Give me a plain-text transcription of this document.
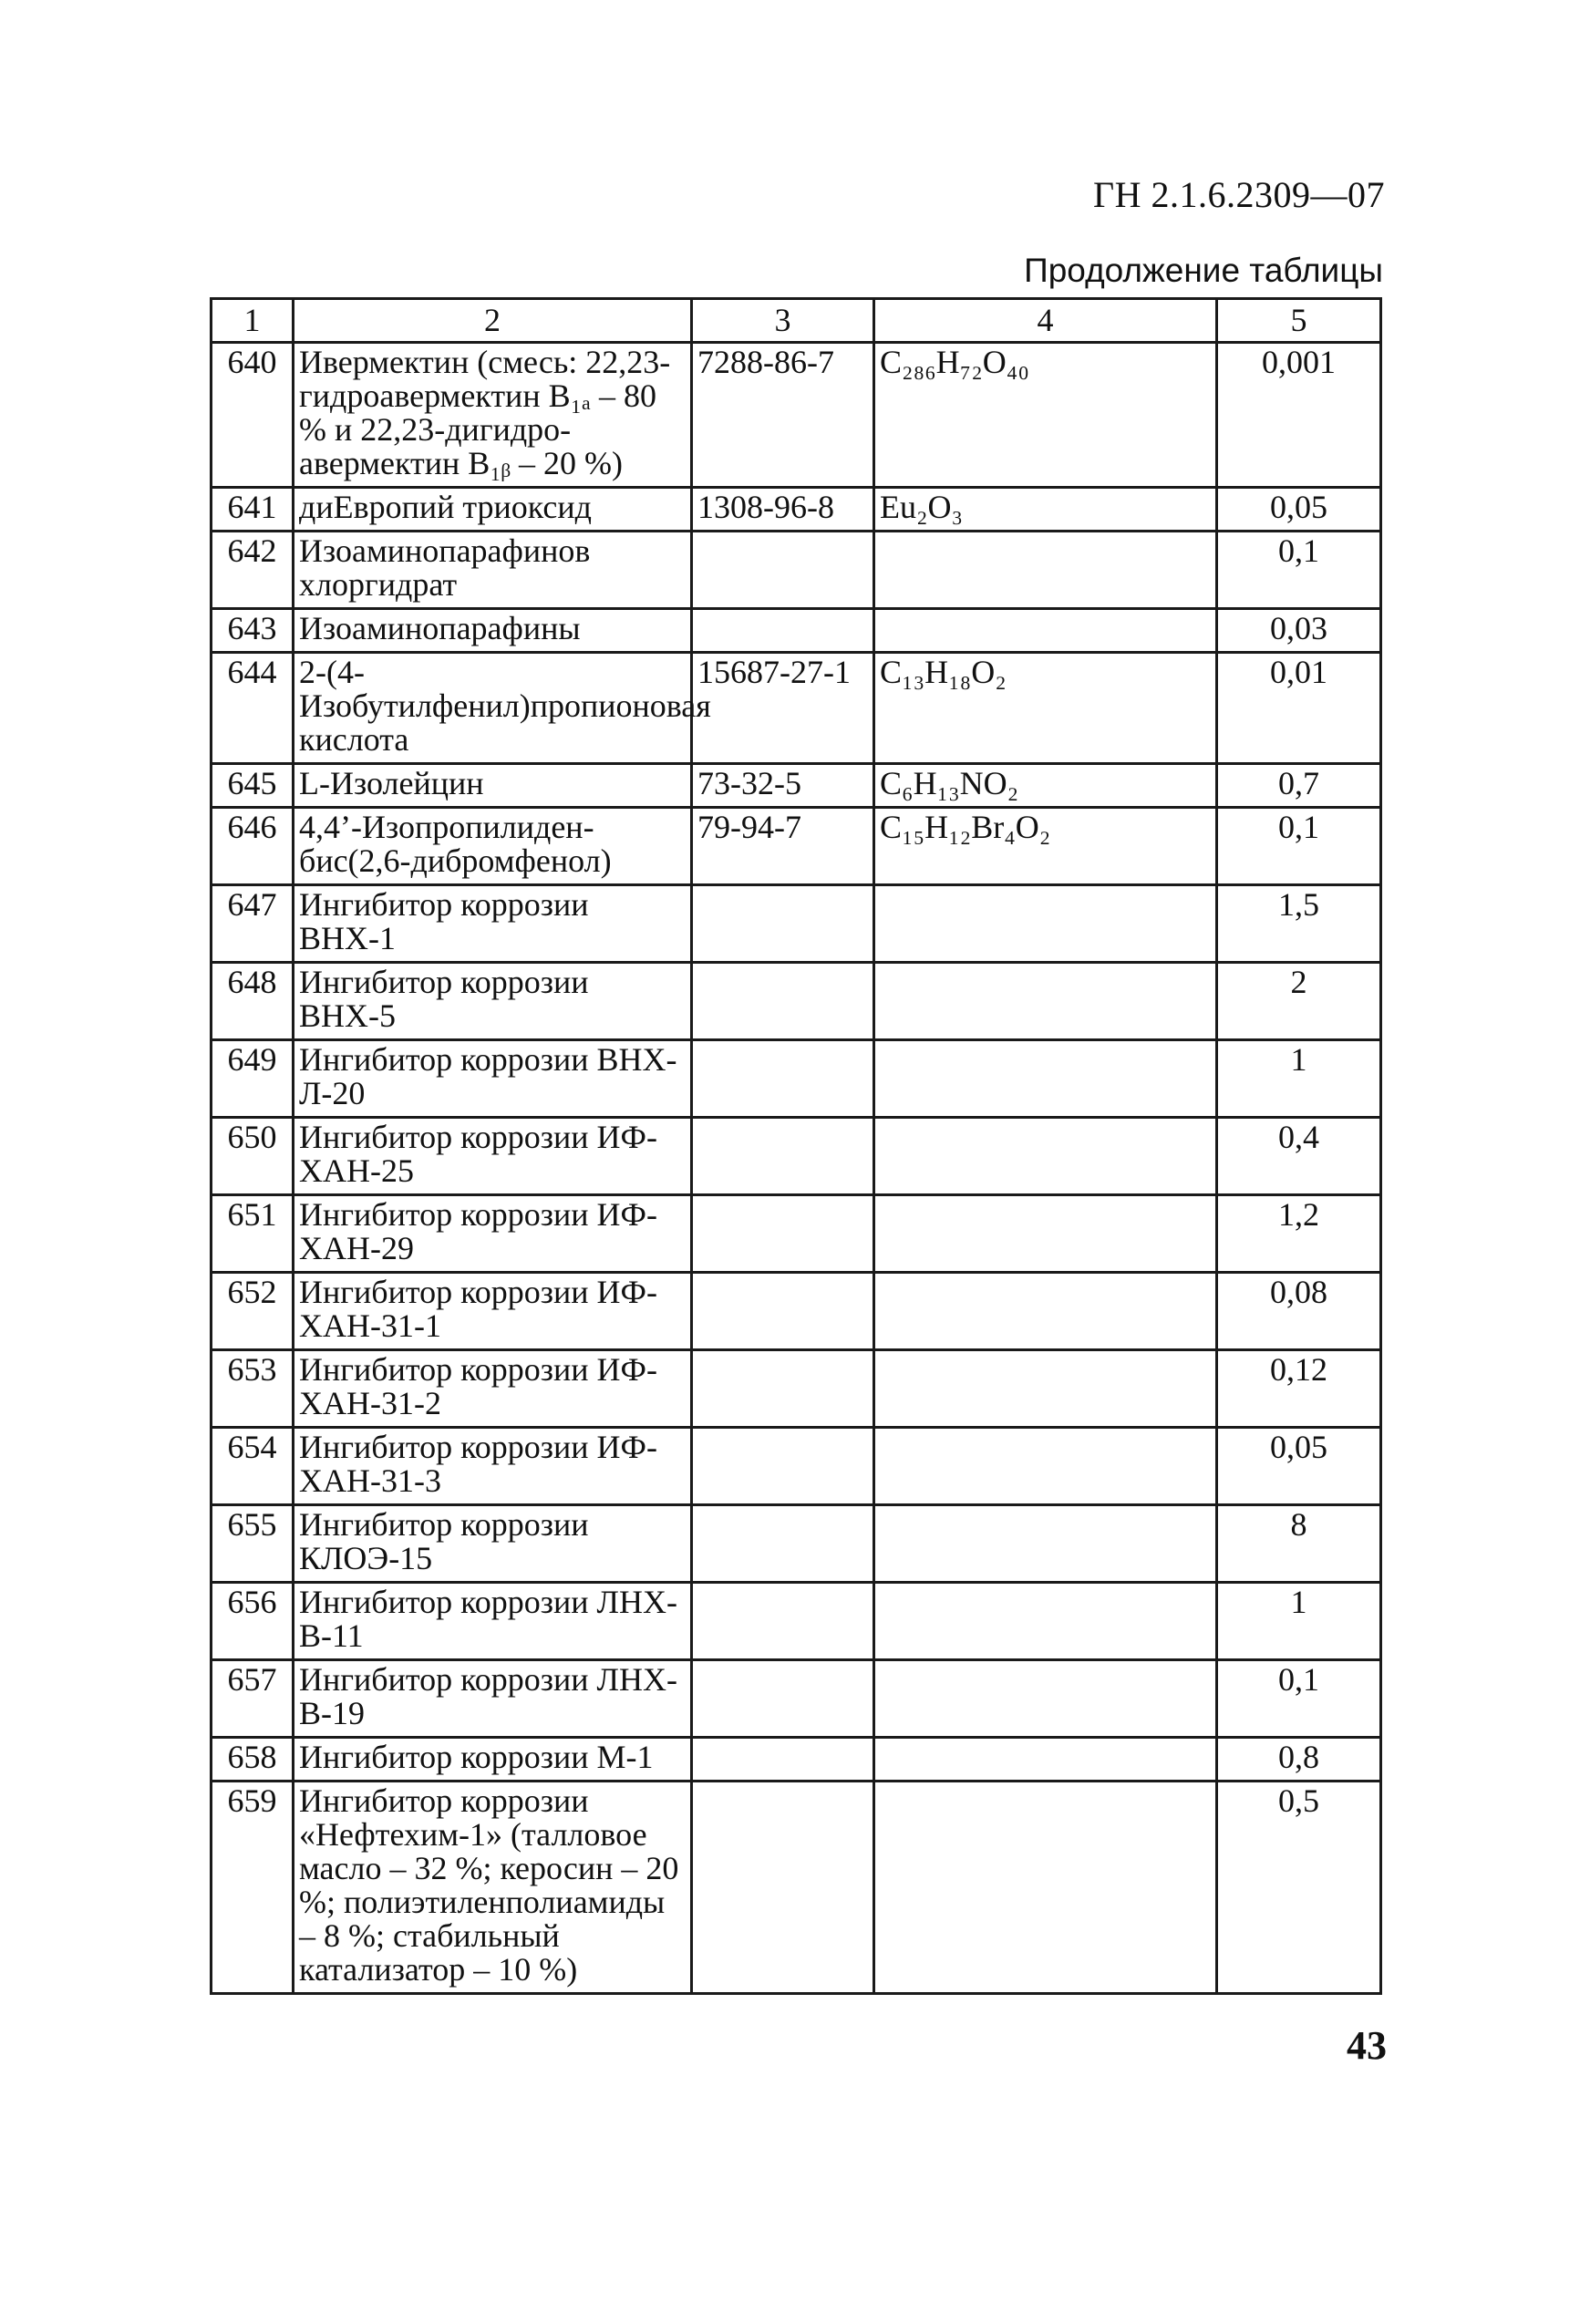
ГН 2.1.6.2309—07
Продолжение таблицы
1	2	3	4	5
640	Ивермектин (смесь: 22,23-гидроавермектин B₁ₐ – 80 % и 22,23-дигидро-авермектин B₁ᵦ – 20 %)	7288-86-7	C₂₈₆H₇₂O₄₀	0,001
641	диЕвропий триоксид	1308-96-8	Eu₂O₃	0,05
642	Изоаминопарафинов хлоргидрат			0,1
643	Изоаминопарафины			0,03
644	2-(4-Изобутилфенил)пропионовая кислота	15687-27-1	C₁₃H₁₈O₂	0,01
645	L-Изолейцин	73-32-5	C₆H₁₃NO₂	0,7
646	4,4’-Изопропилиден-бис(2,6-дибромфенол)	79-94-7	C₁₅H₁₂Br₄O₂	0,1
647	Ингибитор коррозии ВНХ-1			1,5
648	Ингибитор коррозии ВНХ-5			2
649	Ингибитор коррозии ВНХ-Л-20			1
650	Ингибитор коррозии ИФ-ХАН-25			0,4
651	Ингибитор коррозии ИФ-ХАН-29			1,2
652	Ингибитор коррозии ИФ-ХАН-31-1			0,08
653	Ингибитор коррозии ИФ-ХАН-31-2			0,12
654	Ингибитор коррозии ИФ-ХАН-31-3			0,05
655	Ингибитор коррозии КЛОЭ-15			8
656	Ингибитор коррозии ЛНХ-В-11			1
657	Ингибитор коррозии ЛНХ-В-19			0,1
658	Ингибитор коррозии М-1			0,8
659	Ингибитор коррозии «Нефтехим-1» (талловое масло – 32 %; керосин – 20 %; полиэтиленполиамиды – 8 %; стабильный катализатор – 10 %)			0,5
43
